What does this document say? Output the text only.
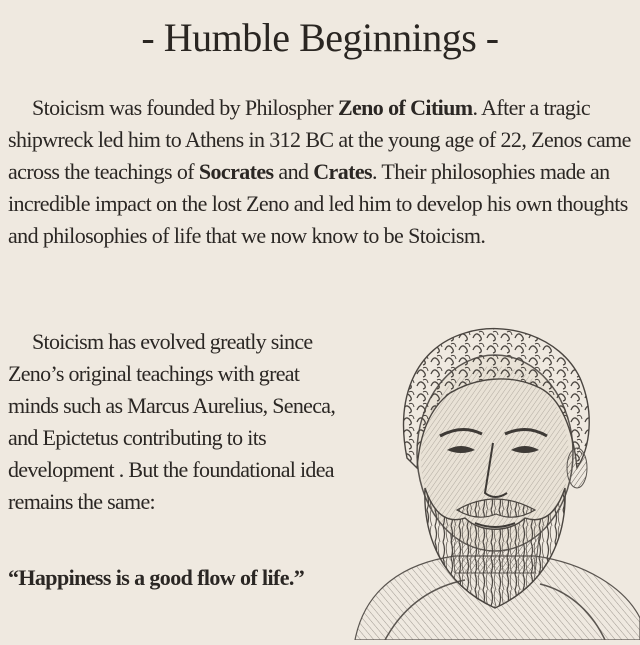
- Humble Beginnings -

Stoicism was founded by Philospher Zeno of Citium. After a tragic shipwreck led him to Athens in 312 BC at the young age of 22, Zenos came across the teachings of Socrates and Crates. Their philosophies made an incredible impact on the lost Zeno and led him to develop his own thoughts and philosophies of life that we now know to be Stoicism.

Stoicism has evolved greatly since Zeno’s original teachings with great minds such as Marcus Aurelius, Seneca, and Epictetus contributing to its development . But the foundational idea remains the same:

“Happiness is a good flow of life.”
